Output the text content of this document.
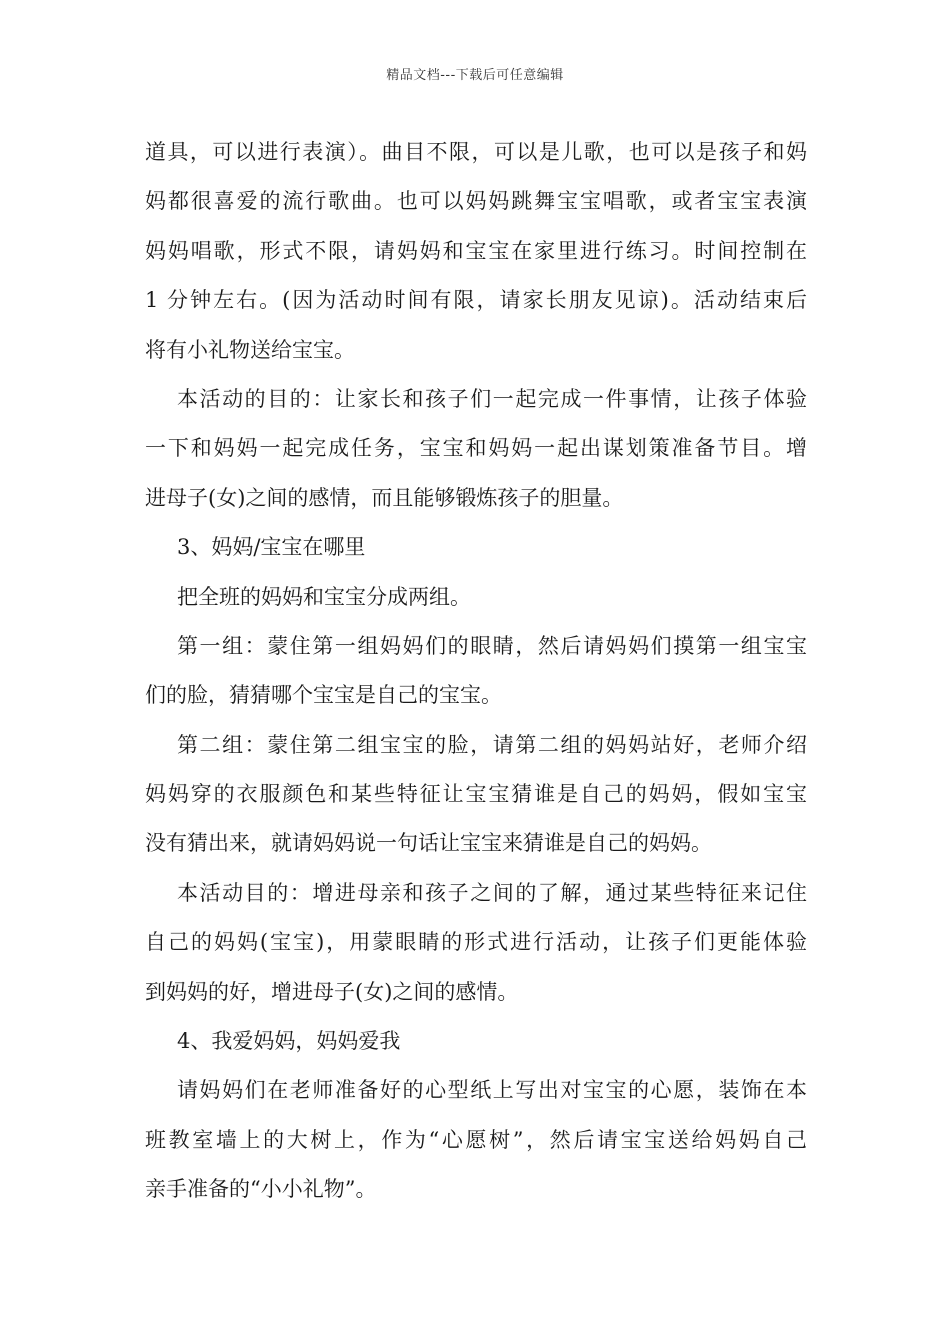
精品文档---下载后可任意编辑
道具，可以进行表演）。曲目不限，可以是儿歌，也可以是孩子和妈
妈都很喜爱的流行歌曲。也可以妈妈跳舞宝宝唱歌，或者宝宝表演
妈妈唱歌，形式不限，请妈妈和宝宝在家里进行练习。时间控制在
1 分钟左右。(因为活动时间有限，请家长朋友见谅)。活动结束后
将有小礼物送给宝宝。
本活动的目的：让家长和孩子们一起完成一件事情，让孩子体验
一下和妈妈一起完成任务，宝宝和妈妈一起出谋划策准备节目。增
进母子(女)之间的感情，而且能够锻炼孩子的胆量。
3、妈妈/宝宝在哪里
把全班的妈妈和宝宝分成两组。
第一组：蒙住第一组妈妈们的眼睛，然后请妈妈们摸第一组宝宝
们的脸，猜猜哪个宝宝是自己的宝宝。
第二组：蒙住第二组宝宝的脸，请第二组的妈妈站好，老师介绍
妈妈穿的衣服颜色和某些特征让宝宝猜谁是自己的妈妈，假如宝宝
没有猜出来，就请妈妈说一句话让宝宝来猜谁是自己的妈妈。
本活动目的：增进母亲和孩子之间的了解，通过某些特征来记住
自己的妈妈(宝宝)，用蒙眼睛的形式进行活动，让孩子们更能体验
到妈妈的好，增进母子(女)之间的感情。
4、我爱妈妈，妈妈爱我
请妈妈们在老师准备好的心型纸上写出对宝宝的心愿，装饰在本
班教室墙上的大树上，作为“心愿树”，然后请宝宝送给妈妈自己
亲手准备的“小小礼物”。
